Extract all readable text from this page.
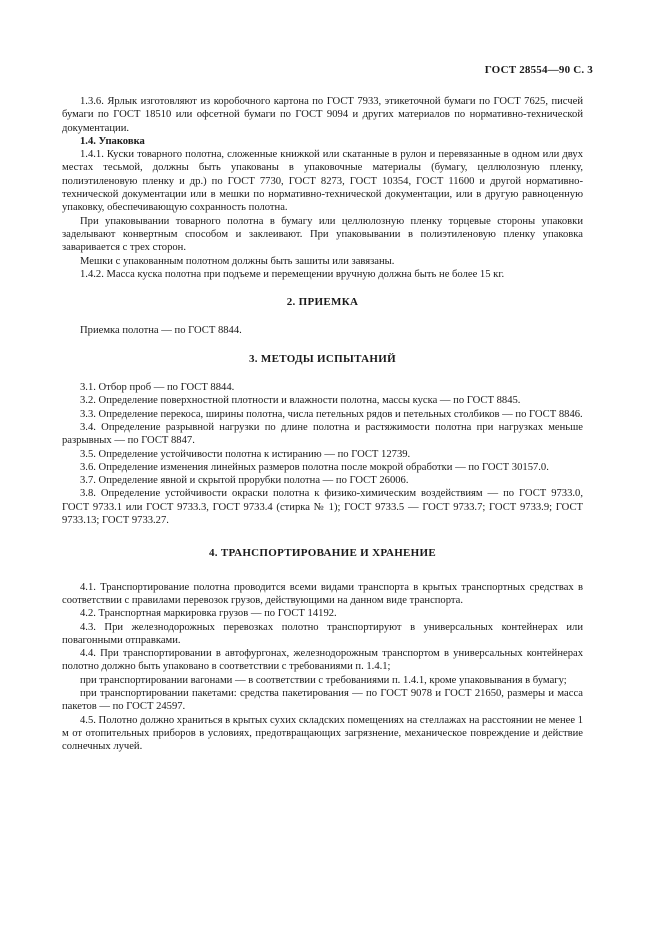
ГОСТ 28554—90 С. 3

1.3.6. Ярлык изготовляют из коробочного картона по ГОСТ 7933, этикеточной бумаги по ГОСТ 7625, писчей бумаги по ГОСТ 18510 или офсетной бумаги по ГОСТ 9094 и других материалов по нормативно-технической документации.

1.4. Упаковка

1.4.1. Куски товарного полотна, сложенные книжкой или скатанные в рулон и перевязанные в одном или двух местах тесьмой, должны быть упакованы в упаковочные материалы (бумагу, целлюлозную пленку, полиэтиленовую пленку и др.) по ГОСТ 7730, ГОСТ 8273, ГОСТ 10354, ГОСТ 11600 и другой нормативно-технической документации или в мешки по нормативно-технической документации, или в другую равноценную упаковку, обеспечивающую сохранность полотна.

При упаковывании товарного полотна в бумагу или целлюлозную пленку торцевые стороны упаковки заделывают конвертным способом и заклеивают. При упаковывании в полиэтиленовую пленку упаковка заваривается с трех сторон.

Мешки с упакованным полотном должны быть зашиты или завязаны.

1.4.2. Масса куска полотна при подъеме и перемещении вручную должна быть не более 15 кг.

2. ПРИЕМКА

Приемка полотна — по ГОСТ 8844.

3. МЕТОДЫ ИСПЫТАНИЙ

3.1. Отбор проб — по ГОСТ 8844.

3.2. Определение поверхностной плотности и влажности полотна, массы куска — по ГОСТ 8845.

3.3. Определение перекоса, ширины полотна, числа петельных рядов и петельных столбиков — по ГОСТ 8846.

3.4. Определение разрывной нагрузки по длине полотна и растяжимости полотна при нагрузках меньше разрывных — по ГОСТ 8847.

3.5. Определение устойчивости полотна к истиранию — по ГОСТ 12739.

3.6. Определение изменения линейных размеров полотна после мокрой обработки — по ГОСТ 30157.0.

3.7. Определение явной и скрытой прорубки полотна — по ГОСТ 26006.

3.8. Определение устойчивости окраски полотна к физико-химическим воздействиям — по ГОСТ 9733.0, ГОСТ 9733.1 или ГОСТ 9733.3, ГОСТ 9733.4 (стирка № 1); ГОСТ 9733.5 — ГОСТ 9733.7; ГОСТ 9733.9; ГОСТ 9733.13; ГОСТ 9733.27.

4. ТРАНСПОРТИРОВАНИЕ И ХРАНЕНИЕ

4.1. Транспортирование полотна проводится всеми видами транспорта в крытых транспортных средствах в соответствии с правилами перевозок грузов, действующими на данном виде транспорта.

4.2. Транспортная маркировка грузов — по ГОСТ 14192.

4.3. При железнодорожных перевозках полотно транспортируют в универсальных контейнерах или повагонными отправками.

4.4. При транспортировании в автофургонах, железнодорожным транспортом в универсальных контейнерах полотно должно быть упаковано в соответствии с требованиями п. 1.4.1;

при транспортировании вагонами — в соответствии с требованиями п. 1.4.1, кроме упаковывания в бумагу;

при транспортировании пакетами: средства пакетирования — по ГОСТ 9078 и ГОСТ 21650, размеры и масса пакетов — по ГОСТ 24597.

4.5. Полотно должно храниться в крытых сухих складских помещениях на стеллажах на расстоянии не менее 1 м от отопительных приборов в условиях, предотвращающих загрязнение, механическое повреждение и действие солнечных лучей.
